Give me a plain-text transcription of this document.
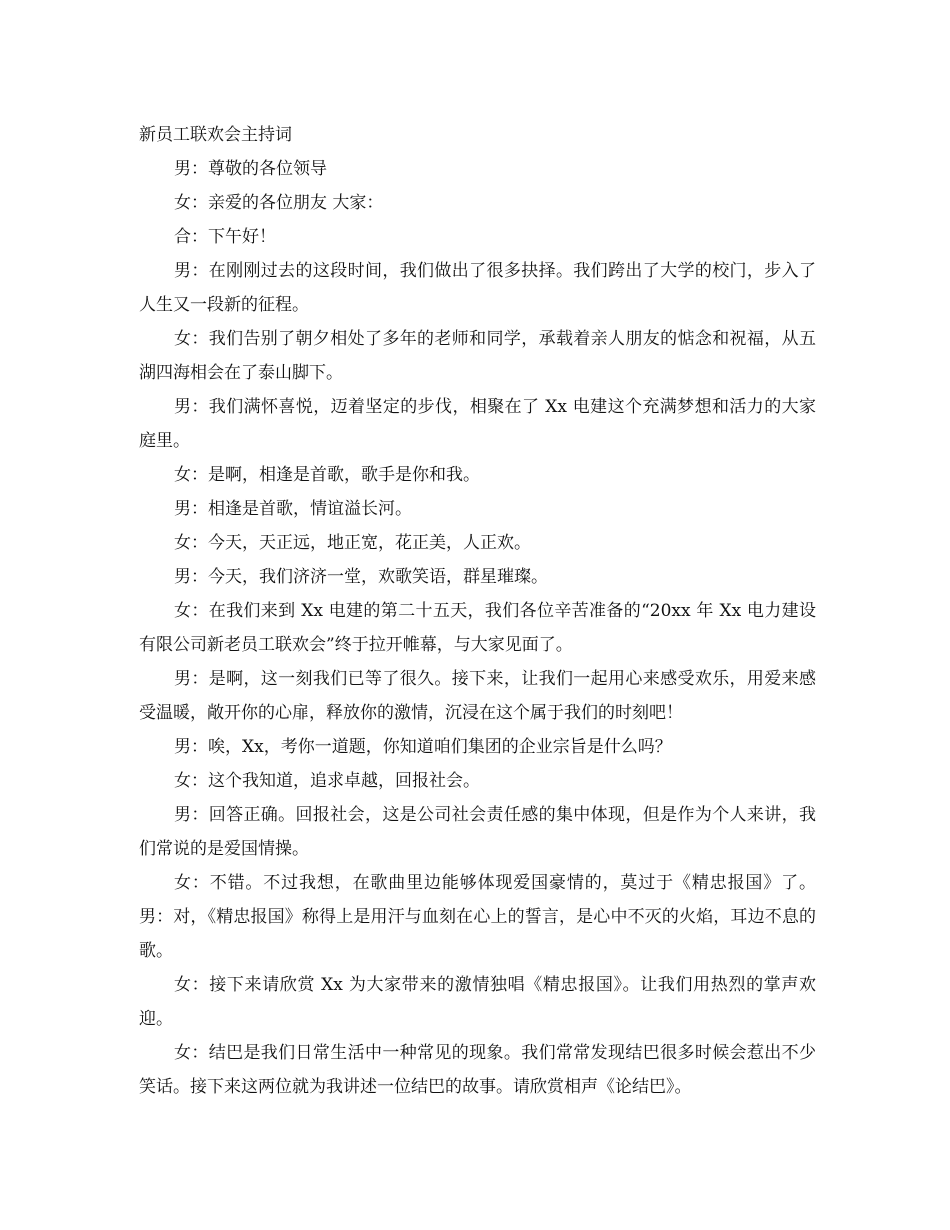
新员工联欢会主持词

男：尊敬的各位领导

女：亲爱的各位朋友 大家：

合：下午好！

男：在刚刚过去的这段时间，我们做出了很多抉择。我们跨出了大学的校门，步入了人生又一段新的征程。

女：我们告别了朝夕相处了多年的老师和同学，承载着亲人朋友的惦念和祝福，从五湖四海相会在了泰山脚下。

男：我们满怀喜悦，迈着坚定的步伐，相聚在了 Xx 电建这个充满梦想和活力的大家庭里。

女：是啊，相逢是首歌，歌手是你和我。

男：相逢是首歌，情谊溢长河。

女：今天，天正远，地正宽，花正美，人正欢。

男：今天，我们济济一堂，欢歌笑语，群星璀璨。

女：在我们来到 Xx 电建的第二十五天，我们各位辛苦准备的“20xx 年 Xx 电力建设有限公司新老员工联欢会”终于拉开帷幕，与大家见面了。

男：是啊，这一刻我们已等了很久。接下来，让我们一起用心来感受欢乐，用爱来感受温暖，敞开你的心扉，释放你的激情，沉浸在这个属于我们的时刻吧！

男：唉，Xx，考你一道题，你知道咱们集团的企业宗旨是什么吗？

女：这个我知道，追求卓越，回报社会。

男：回答正确。回报社会，这是公司社会责任感的集中体现，但是作为个人来讲，我们常说的是爱国情操。

女：不错。不过我想，在歌曲里边能够体现爱国豪情的，莫过于《精忠报国》了。男：对，《精忠报国》称得上是用汗与血刻在心上的誓言，是心中不灭的火焰，耳边不息的歌。

女：接下来请欣赏 Xx 为大家带来的激情独唱《精忠报国》。让我们用热烈的掌声欢迎。

女：结巴是我们日常生活中一种常见的现象。我们常常发现结巴很多时候会惹出不少笑话。接下来这两位就为我讲述一位结巴的故事。请欣赏相声《论结巴》。
